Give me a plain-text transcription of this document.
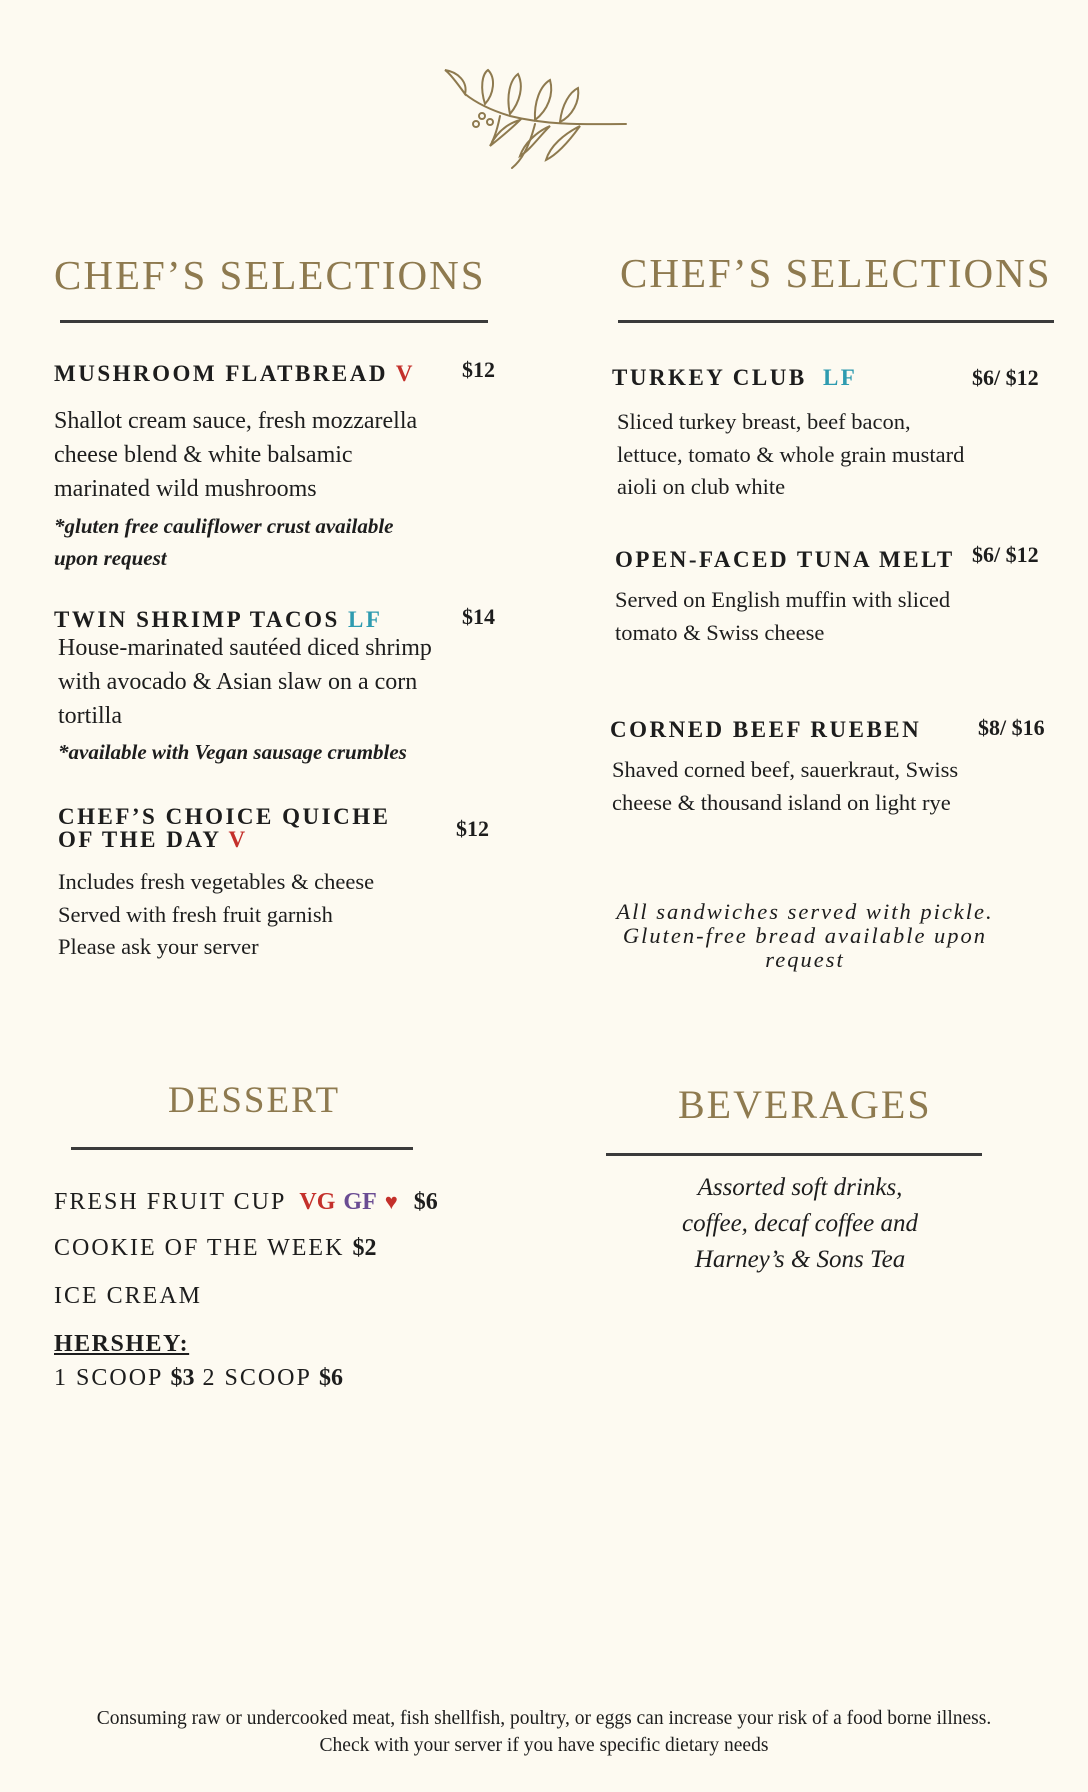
CHEF’S SELECTIONS
MUSHROOM FLATBREAD V $12
Shallot cream sauce, fresh mozzarella
cheese blend & white balsamic
marinated wild mushrooms
*gluten free cauliflower crust available
upon request
TWIN SHRIMP TACOS LF	$14
House-marinated sautéed diced shrimp
with avocado & Asian slaw on a corn
tortilla
*available with Vegan sausage crumbles
CHEF’S CHOICE QUICHE
OF THE DAY V	$12
Includes fresh vegetables & cheese
Served with fresh fruit garnish
Please ask your server
CHEF’S SELECTIONS
TURKEY CLUB LF	$6/ $12
Sliced turkey breast, beef bacon,
lettuce, tomato & whole grain mustard
aioli on club white
OPEN-FACED TUNA MELT $6/ $12
Served on English muffin with sliced
tomato & Swiss cheese
CORNED BEEF RUEBEN	$8/ $16
Shaved corned beef, sauerkraut, Swiss
cheese & thousand island on light rye
All sandwiches served with pickle.
Gluten-free bread available upon
request
DESSERT
FRESH FRUIT CUP VG GF ♥ $6
COOKIE OF THE WEEK $2
ICE CREAM
HERSHEY:
1 SCOOP $3 2 SCOOP $6
BEVERAGES
Assorted soft drinks,
coffee, decaf coffee and
Harney’s & Sons Tea
Consuming raw or undercooked meat, fish shellfish, poultry, or eggs can increase your risk of a food borne illness.
Check with your server if you have specific dietary needs
